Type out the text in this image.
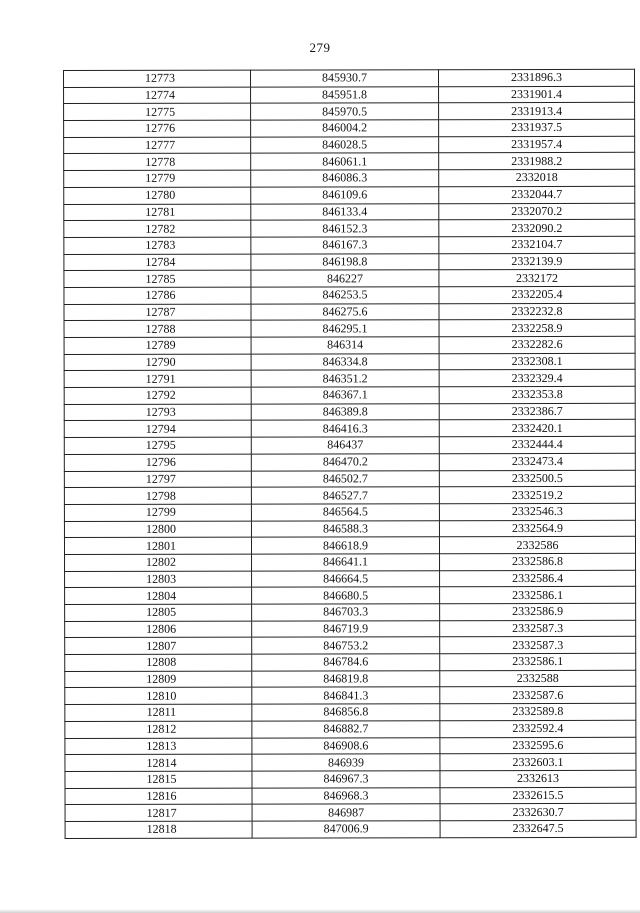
279
12773	845930.7	2331896.3
12774	845951.8	2331901.4
12775	845970.5	2331913.4
12776	846004.2	2331937.5
12777	846028.5	2331957.4
12778	846061.1	2331988.2
12779	846086.3	2332018
12780	846109.6	2332044.7
12781	846133.4	2332070.2
12782	846152.3	2332090.2
12783	846167.3	2332104.7
12784	846198.8	2332139.9
12785	846227	2332172
12786	846253.5	2332205.4
12787	846275.6	2332232.8
12788	846295.1	2332258.9
12789	846314	2332282.6
12790	846334.8	2332308.1
12791	846351.2	2332329.4
12792	846367.1	2332353.8
12793	846389.8	2332386.7
12794	846416.3	2332420.1
12795	846437	2332444.4
12796	846470.2	2332473.4
12797	846502.7	2332500.5
12798	846527.7	2332519.2
12799	846564.5	2332546.3
12800	846588.3	2332564.9
12801	846618.9	2332586
12802	846641.1	2332586.8
12803	846664.5	2332586.4
12804	846680.5	2332586.1
12805	846703.3	2332586.9
12806	846719.9	2332587.3
12807	846753.2	2332587.3
12808	846784.6	2332586.1
12809	846819.8	2332588
12810	846841.3	2332587.6
12811	846856.8	2332589.8
12812	846882.7	2332592.4
12813	846908.6	2332595.6
12814	846939	2332603.1
12815	846967.3	2332613
12816	846968.3	2332615.5
12817	846987	2332630.7
12818	847006.9	2332647.5
